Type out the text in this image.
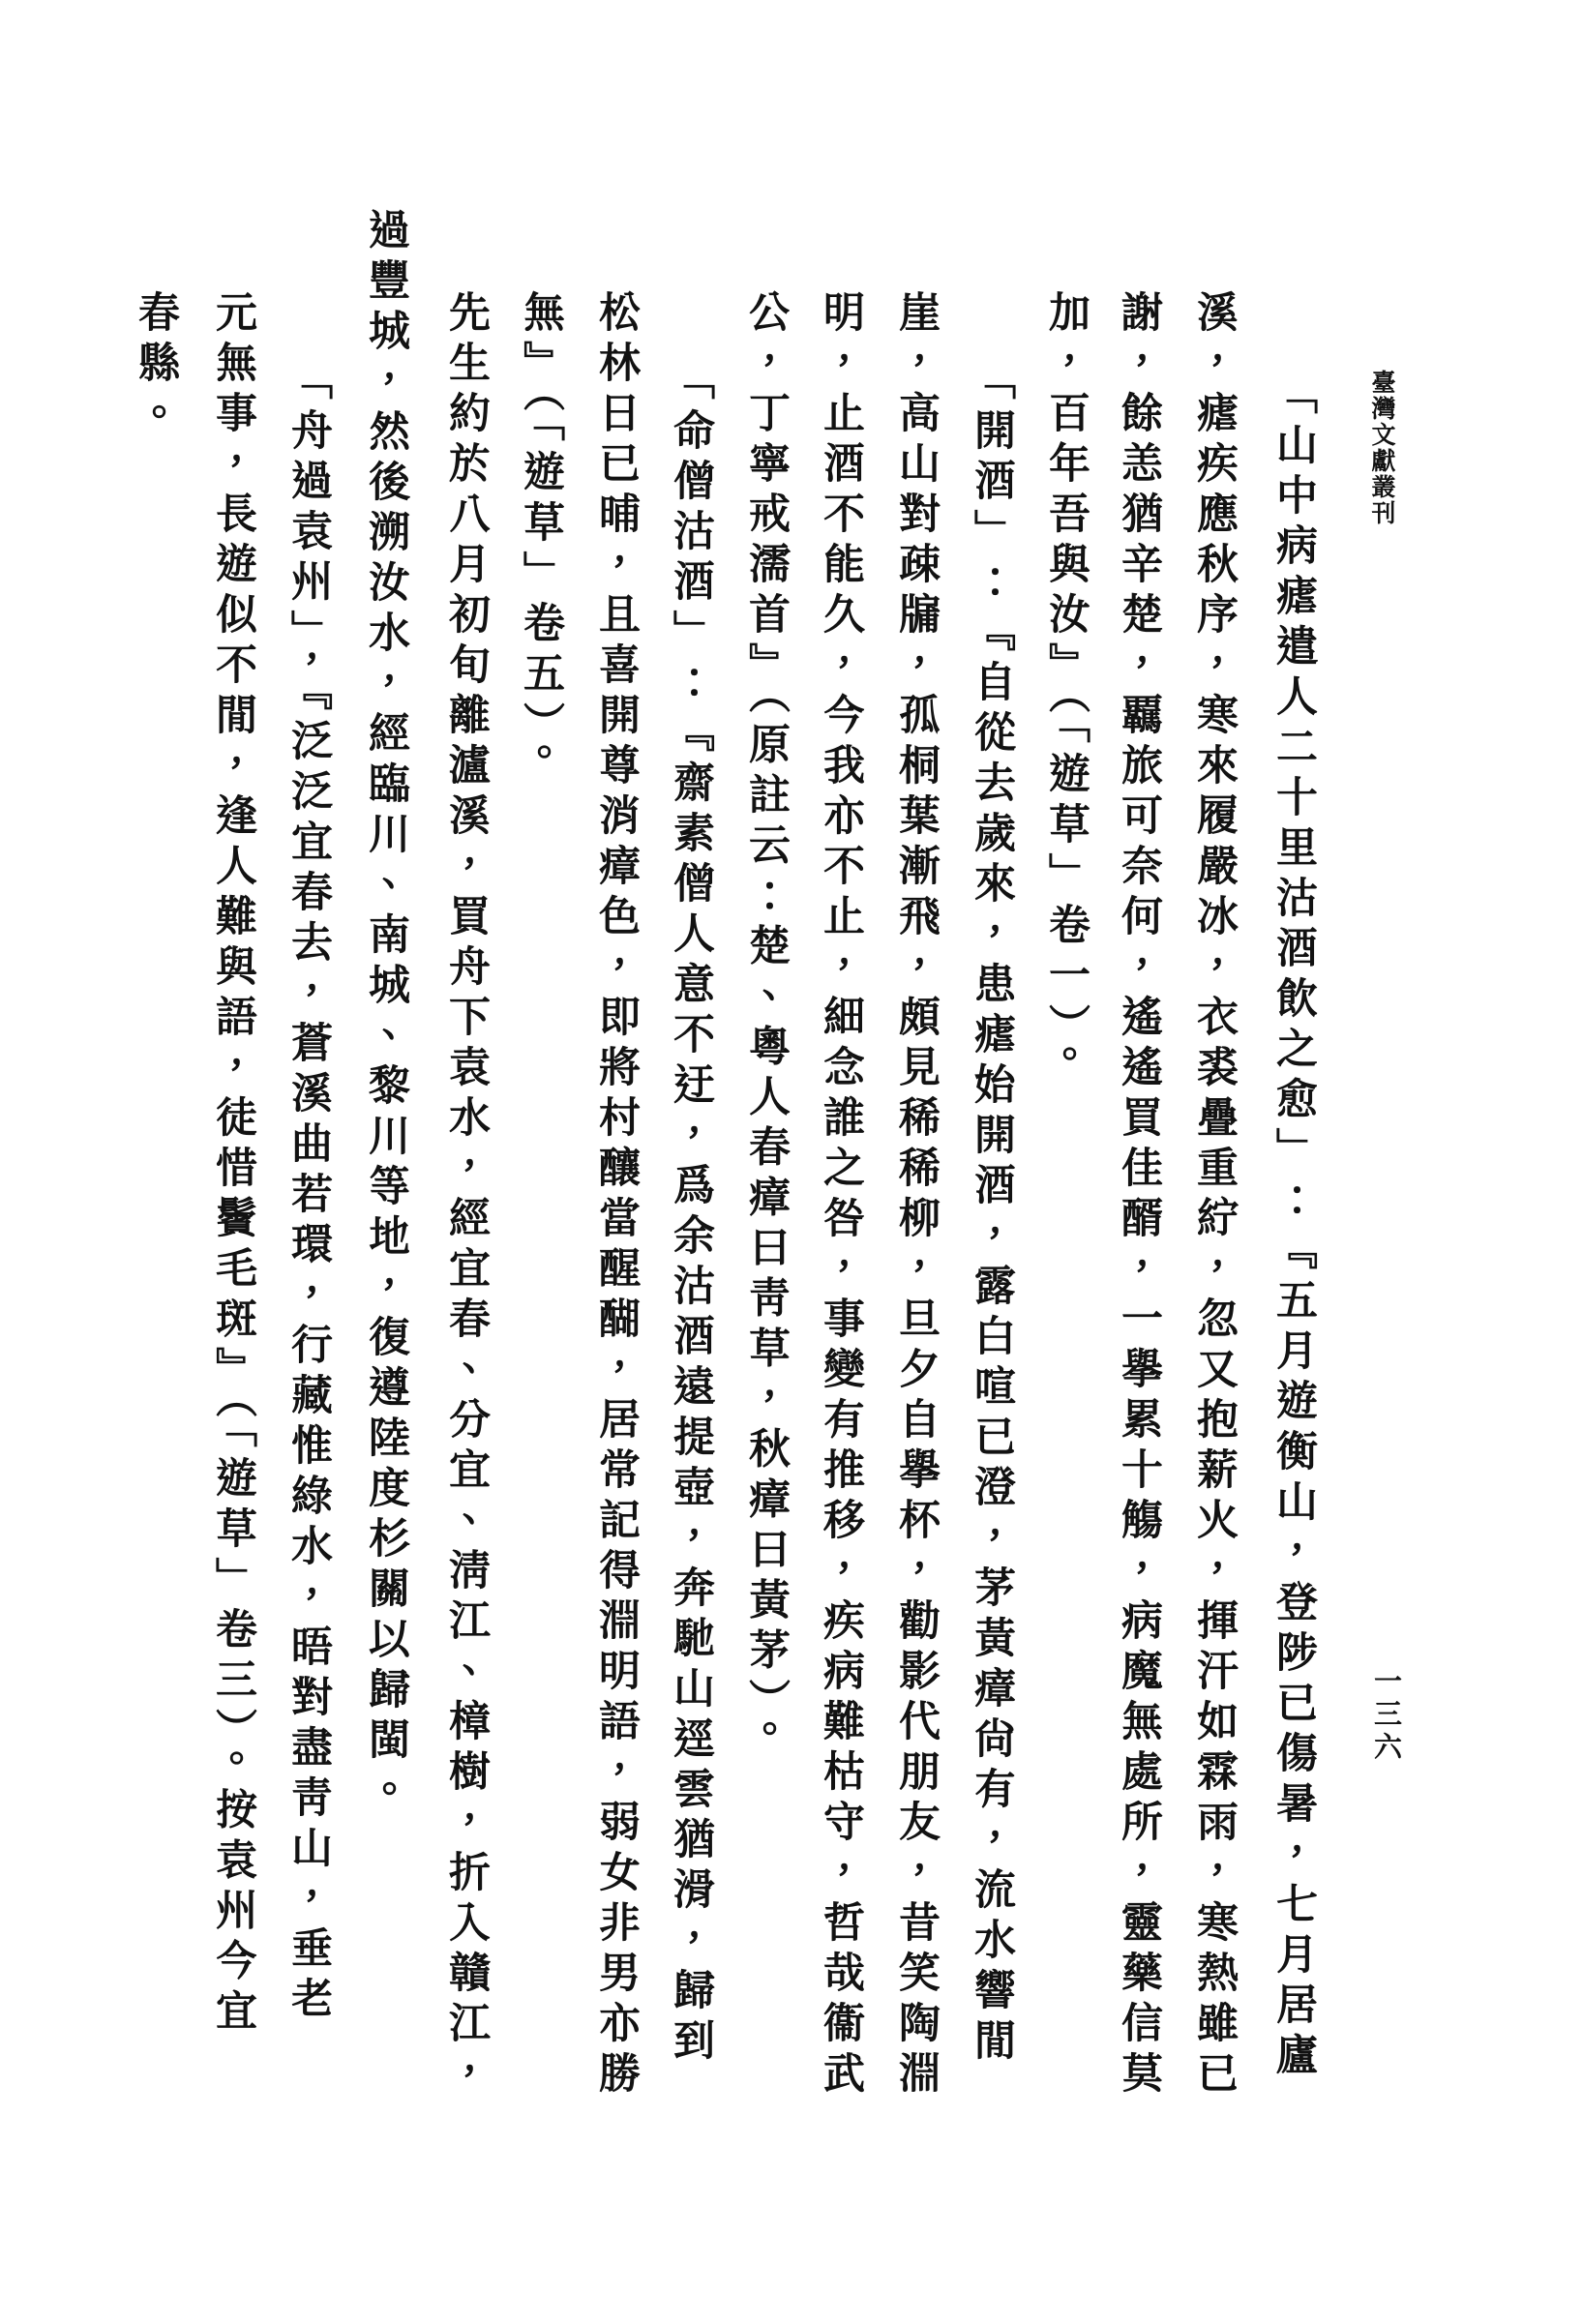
臺灣文獻叢刊
一三六
「山中病瘧遣人二十里沽酒飲之愈」：『五月遊衡山，登陟已傷暑，七月居廬
溪，瘧疾應秋序，寒來履嚴冰，衣裘疊重紵，忽又抱薪火，揮汗如霖雨，寒熱雖已
謝，餘恙猶辛楚，覊旅可奈何，遙遙買佳醑，一擧累十觴，病魔無處所，靈藥信莫
加，百年吾與汝』（「遊草」卷一）。
「開酒」：『自從去歲來，患瘧始開酒，露白喧已澄，茅黃瘴尙有，流水響閒
崖，高山對疎牖，孤桐葉漸飛，頗見稀稀柳，旦夕自擧杯，勸影代朋友，昔笑陶淵
明，止酒不能久，今我亦不止，細念誰之咎，事變有推移，疾病難枯守，哲哉衞武
公，丁寧戒濡首』（原註云：楚、粵人春瘴曰靑草，秋瘴曰黃茅）。
「命僧沽酒」：『齋素僧人意不迂，爲余沽酒遠提壺，奔馳山逕雲猶滑，歸到
松林日已晡，且喜開尊消瘴色，即將村釀當醒醐，居常記得淵明語，弱女非男亦勝
無』（「遊草」卷五）。
先生約於八月初旬離瀘溪，買舟下袁水，經宜春、分宜、淸江、樟樹，折入贛江，
過豐城，然後溯汝水，經臨川、南城、黎川等地，復遵陸度杉關以歸閩。
「舟過袁州」，『泛泛宜春去，蒼溪曲若環，行藏惟綠水，晤對盡靑山，垂老
元無事，長遊似不閒，逢人難與語，徒惜鬢毛斑』（「遊草」卷三）。按袁州今宜
春縣。
